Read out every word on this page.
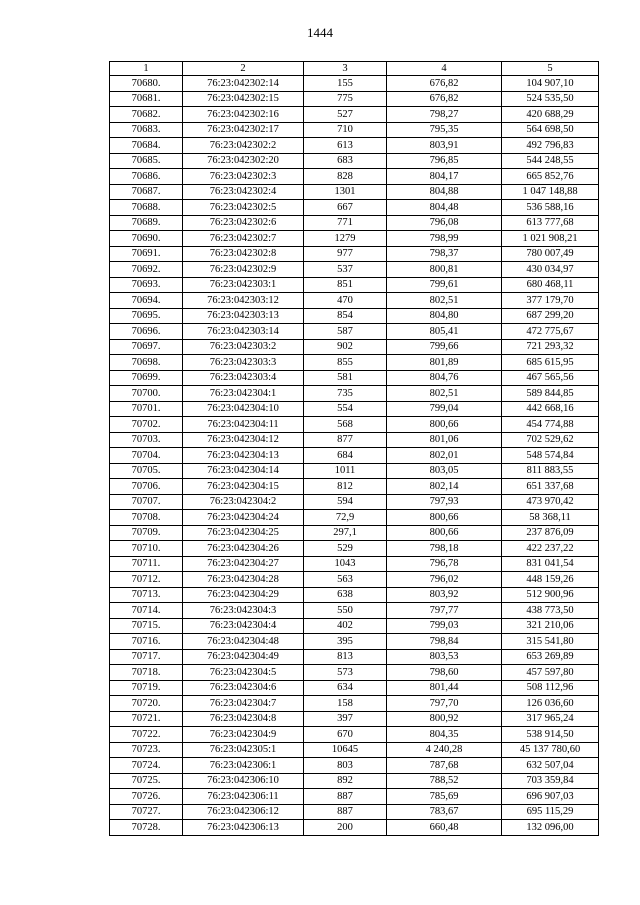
1444
1	2	3	4	5
70680.	76:23:042302:14	155	676,82	104 907,10
70681.	76:23:042302:15	775	676,82	524 535,50
70682.	76:23:042302:16	527	798,27	420 688,29
70683.	76:23:042302:17	710	795,35	564 698,50
70684.	76:23:042302:2	613	803,91	492 796,83
70685.	76:23:042302:20	683	796,85	544 248,55
70686.	76:23:042302:3	828	804,17	665 852,76
70687.	76:23:042302:4	1301	804,88	1 047 148,88
70688.	76:23:042302:5	667	804,48	536 588,16
70689.	76:23:042302:6	771	796,08	613 777,68
70690.	76:23:042302:7	1279	798,99	1 021 908,21
70691.	76:23:042302:8	977	798,37	780 007,49
70692.	76:23:042302:9	537	800,81	430 034,97
70693.	76:23:042303:1	851	799,61	680 468,11
70694.	76:23:042303:12	470	802,51	377 179,70
70695.	76:23:042303:13	854	804,80	687 299,20
70696.	76:23:042303:14	587	805,41	472 775,67
70697.	76:23:042303:2	902	799,66	721 293,32
70698.	76:23:042303:3	855	801,89	685 615,95
70699.	76:23:042303:4	581	804,76	467 565,56
70700.	76:23:042304:1	735	802,51	589 844,85
70701.	76:23:042304:10	554	799,04	442 668,16
70702.	76:23:042304:11	568	800,66	454 774,88
70703.	76:23:042304:12	877	801,06	702 529,62
70704.	76:23:042304:13	684	802,01	548 574,84
70705.	76:23:042304:14	1011	803,05	811 883,55
70706.	76:23:042304:15	812	802,14	651 337,68
70707.	76:23:042304:2	594	797,93	473 970,42
70708.	76:23:042304:24	72,9	800,66	58 368,11
70709.	76:23:042304:25	297,1	800,66	237 876,09
70710.	76:23:042304:26	529	798,18	422 237,22
70711.	76:23:042304:27	1043	796,78	831 041,54
70712.	76:23:042304:28	563	796,02	448 159,26
70713.	76:23:042304:29	638	803,92	512 900,96
70714.	76:23:042304:3	550	797,77	438 773,50
70715.	76:23:042304:4	402	799,03	321 210,06
70716.	76:23:042304:48	395	798,84	315 541,80
70717.	76:23:042304:49	813	803,53	653 269,89
70718.	76:23:042304:5	573	798,60	457 597,80
70719.	76:23:042304:6	634	801,44	508 112,96
70720.	76:23:042304:7	158	797,70	126 036,60
70721.	76:23:042304:8	397	800,92	317 965,24
70722.	76:23:042304:9	670	804,35	538 914,50
70723.	76:23:042305:1	10645	4 240,28	45 137 780,60
70724.	76:23:042306:1	803	787,68	632 507,04
70725.	76:23:042306:10	892	788,52	703 359,84
70726.	76:23:042306:11	887	785,69	696 907,03
70727.	76:23:042306:12	887	783,67	695 115,29
70728.	76:23:042306:13	200	660,48	132 096,00
